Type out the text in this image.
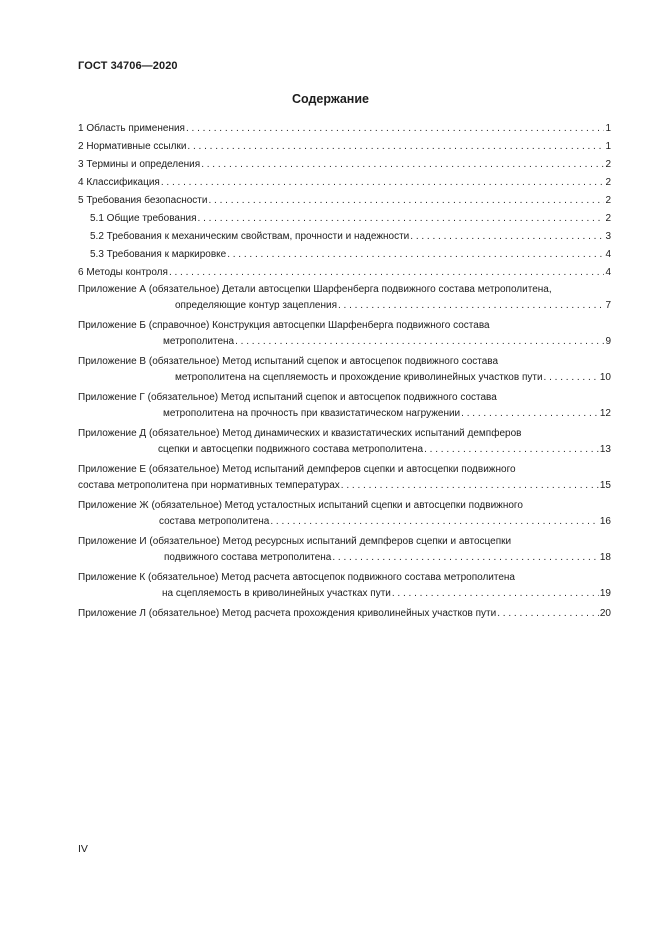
ГОСТ 34706—2020
Содержание
1 Область применения . . .	1
2 Нормативные ссылки . . .	1
3 Термины и определения . . .	2
4 Классификация . . .	2
5 Требования безопасности . . .	2
5.1 Общие требования . . .	2
5.2 Требования к механическим свойствам, прочности и надежности . . .	3
5.3 Требования к маркировке . . .	4
6 Методы контроля . . .	4
Приложение А (обязательное) Детали автосцепки Шарфенберга подвижного состава метрополитена,
определяющие контур зацепления . . .	7
Приложение Б (справочное) Конструкция автосцепки Шарфенберга подвижного состава
метрополитена . . .	9
Приложение В (обязательное) Метод испытаний сцепок и автосцепок подвижного состава
метрополитена на сцепляемость и прохождение криволинейных участков пути . . .	10
Приложение Г (обязательное) Метод испытаний сцепок и автосцепок подвижного состава
метрополитена на прочность при квазистатическом нагружении . . .	12
Приложение Д (обязательное) Метод динамических и квазистатических испытаний демпферов
сцепки и автосцепки подвижного состава метрополитена . . .	13
Приложение Е (обязательное) Метод испытаний демпферов сцепки и автосцепки подвижного
состава метрополитена при нормативных температурах . . .	15
Приложение Ж (обязательное) Метод усталостных испытаний сцепки и автосцепки подвижного
состава метрополитена . . .	16
Приложение И (обязательное) Метод ресурсных испытаний демпферов сцепки и автосцепки
подвижного состава метрополитена . . .	18
Приложение К (обязательное) Метод расчета автосцепок подвижного состава метрополитена
на сцепляемость в криволинейных участках пути . . .	19
Приложение Л (обязательное) Метод расчета прохождения криволинейных участков пути . . .	20
IV
